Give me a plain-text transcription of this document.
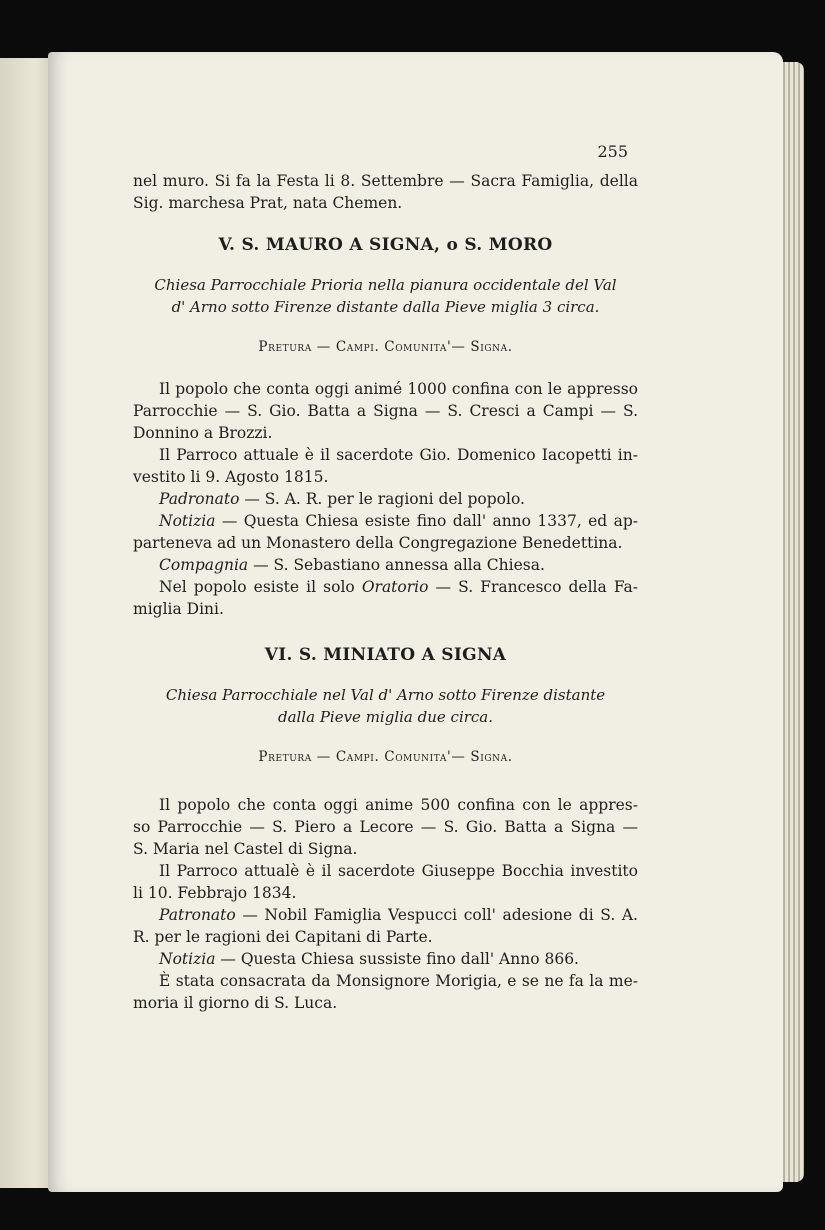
255

nel muro. Si fa la Festa li 8. Settembre — Sacra Famiglia, della

Sig. marchesa Prat, nata Chemen.

V. S. MAURO A SIGNA, o S. MORO
Chiesa Parrocchiale Prioria nella pianura occidentale del Val
d' Arno sotto Firenze distante dalla Pieve miglia 3 circa.
Pretura — Campi. Comunita'— Signa.

Il popolo che conta oggi animé 1000 confina con le appresso

Parrocchie — S. Gio. Batta a Signa — S. Cresci a Campi — S.

Donnino a Brozzi.

Il Parroco attuale è il sacerdote Gio. Domenico Iacopetti in-

vestito li 9. Agosto 1815.

Padronato — S. A. R. per le ragioni del popolo.

Notizia — Questa Chiesa esiste fino dall' anno 1337, ed ap-

parteneva ad un Monastero della Congregazione Benedettina.

Compagnia — S. Sebastiano annessa alla Chiesa.

Nel popolo esiste il solo Oratorio — S. Francesco della Fa-

miglia Dini.

VI. S. MINIATO A SIGNA
Chiesa Parrocchiale nel Val d' Arno sotto Firenze distante
dalla Pieve miglia due circa.
Pretura — Campi. Comunita'— Signa.

Il popolo che conta oggi anime 500 confina con le appres-

so Parrocchie — S. Piero a Lecore — S. Gio. Batta a Signa —

S. Maria nel Castel di Signa.

Il Parroco attualè è il sacerdote Giuseppe Bocchia investito

li 10. Febbrajo 1834.

Patronato — Nobil Famiglia Vespucci coll' adesione di S. A.

R. per le ragioni dei Capitani di Parte.

Notizia — Questa Chiesa sussiste fino dall' Anno 866.

È stata consacrata da Monsignore Morigia, e se ne fa la me-

moria il giorno di S. Luca.
